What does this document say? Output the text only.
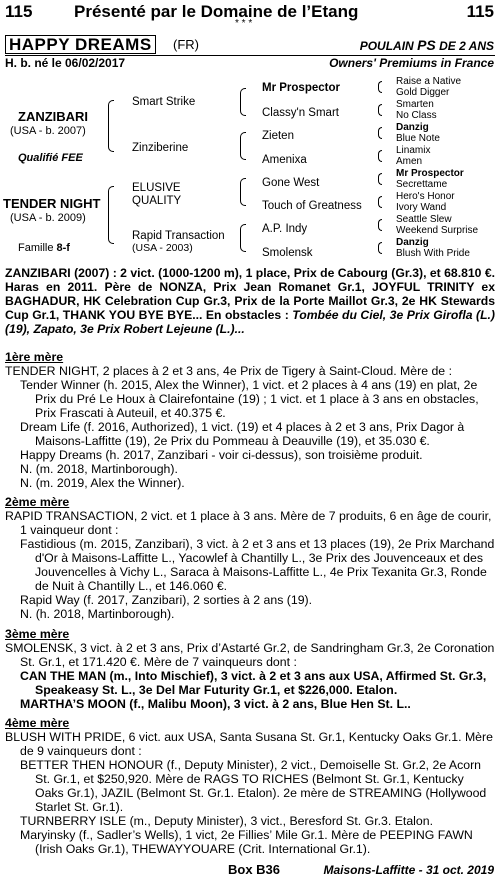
115 Présenté par le Domaine de l’Etang	115
* * *
HAPPY DREAMS	(FR)	POULAIN PS DE 2 ANS
H. b. né le 06/02/2017	Owners' Premiums in France
ZANZIBARI
(USA - b. 2007)
Qualifié FEE
TENDER NIGHT
(USA - b. 2009)
Famille 8-f
Smart Strike
Zinziberine
ELUSIVE
QUALITY
Rapid Transaction
(USA - 2003)
Mr Prospector
Classy'n Smart
Zieten
Amenixa
Gone West
Touch of Greatness
A.P. Indy
Smolensk
Raise a Native
Gold Digger
Smarten
No Class
Danzig
Blue Note
Linamix
Amen
Mr Prospector
Secrettame
Hero's Honor
Ivory Wand
Seattle Slew
Weekend Surprise
Danzig
Blush With Pride
ZANZIBARI (2007) : 2 vict. (1000-1200 m), 1 place, Prix de Cabourg (Gr.3), et 68.810 €. Haras en 2011. Père de NONZA, Prix Jean Romanet Gr.1, JOYFUL TRINITY ex BAGHADUR, HK Celebration Cup Gr.3, Prix de la Porte Maillot Gr.3, 2e HK Stewards Cup Gr.1, THANK YOU BYE BYE... En obstacles : Tombée du Ciel, 3e Prix Girofla (L.) (19), Zapato, 3e Prix Robert Lejeune (L.)...

1ère mère

TENDER NIGHT, 2 places à 2 et 3 ans, 4e Prix de Tigery à Saint-Cloud. Mère de :

Tender Winner (h. 2015, Alex the Winner), 1 vict. et 2 places à 4 ans (19) en plat, 2e Prix du Pré Le Houx à Clairefontaine (19) ; 1 vict. et 1 place à 3 ans en obstacles, Prix Frascati à Auteuil, et 40.375 €.

Dream Life (f. 2016, Authorized), 1 vict. (19) et 4 places à 2 et 3 ans, Prix Dagor à Maisons-Laffitte (19), 2e Prix du Pommeau à Deauville (19), et 35.030 €.

Happy Dreams (h. 2017, Zanzibari - voir ci-dessus), son troisième produit.

N. (m. 2018, Martinborough).

N. (m. 2019, Alex the Winner).

2ème mère

RAPID TRANSACTION, 2 vict. et 1 place à 3 ans. Mère de 7 produits, 6 en âge de courir, 1 vainqueur dont :

Fastidious (m. 2015, Zanzibari), 3 vict. à 2 et 3 ans et 13 places (19), 2e Prix Marchand d'Or à Maisons-Laffitte L., Yacowlef à Chantilly L., 3e Prix des Jouvenceaux et des Jouvencelles à Vichy L., Saraca à Maisons-Laffitte L., 4e Prix Texanita Gr.3, Ronde de Nuit à Chantilly L., et 146.060 €.

Rapid Way (f. 2017, Zanzibari), 2 sorties à 2 ans (19).

N. (h. 2018, Martinborough).

3ème mère

SMOLENSK, 3 vict. à 2 et 3 ans, Prix d’Astarté Gr.2, de Sandringham Gr.3, 2e Coronation St. Gr.1, et 171.420 €. Mère de 7 vainqueurs dont :

CAN THE MAN (m., Into Mischief), 3 vict. à 2 et 3 ans aux USA, Affirmed St. Gr.3, Speakeasy St. L., 3e Del Mar Futurity Gr.1, et $226,000. Etalon.

MARTHA’S MOON (f., Malibu Moon), 3 vict. à 2 ans, Blue Hen St. L..

4ème mère

BLUSH WITH PRIDE, 6 vict. aux USA, Santa Susana St. Gr.1, Kentucky Oaks Gr.1. Mère de 9 vainqueurs dont :

BETTER THEN HONOUR (f., Deputy Minister), 2 vict., Demoiselle St. Gr.2, 2e Acorn St. Gr.1, et $250,920. Mère de RAGS TO RICHES (Belmont St. Gr.1, Kentucky Oaks Gr.1), JAZIL (Belmont St. Gr.1. Etalon). 2e mère de STREAMING (Hollywood Starlet St. Gr.1).

TURNBERRY ISLE (m., Deputy Minister), 3 vict., Beresford St. Gr.3. Etalon.

Maryinsky (f., Sadler’s Wells), 1 vict, 2e Fillies’ Mile Gr.1. Mère de PEEPING FAWN (Irish Oaks Gr.1), THEWAYYOUARE (Crit. International Gr.1).

Box B36	Maisons-Laffitte - 31 oct. 2019
